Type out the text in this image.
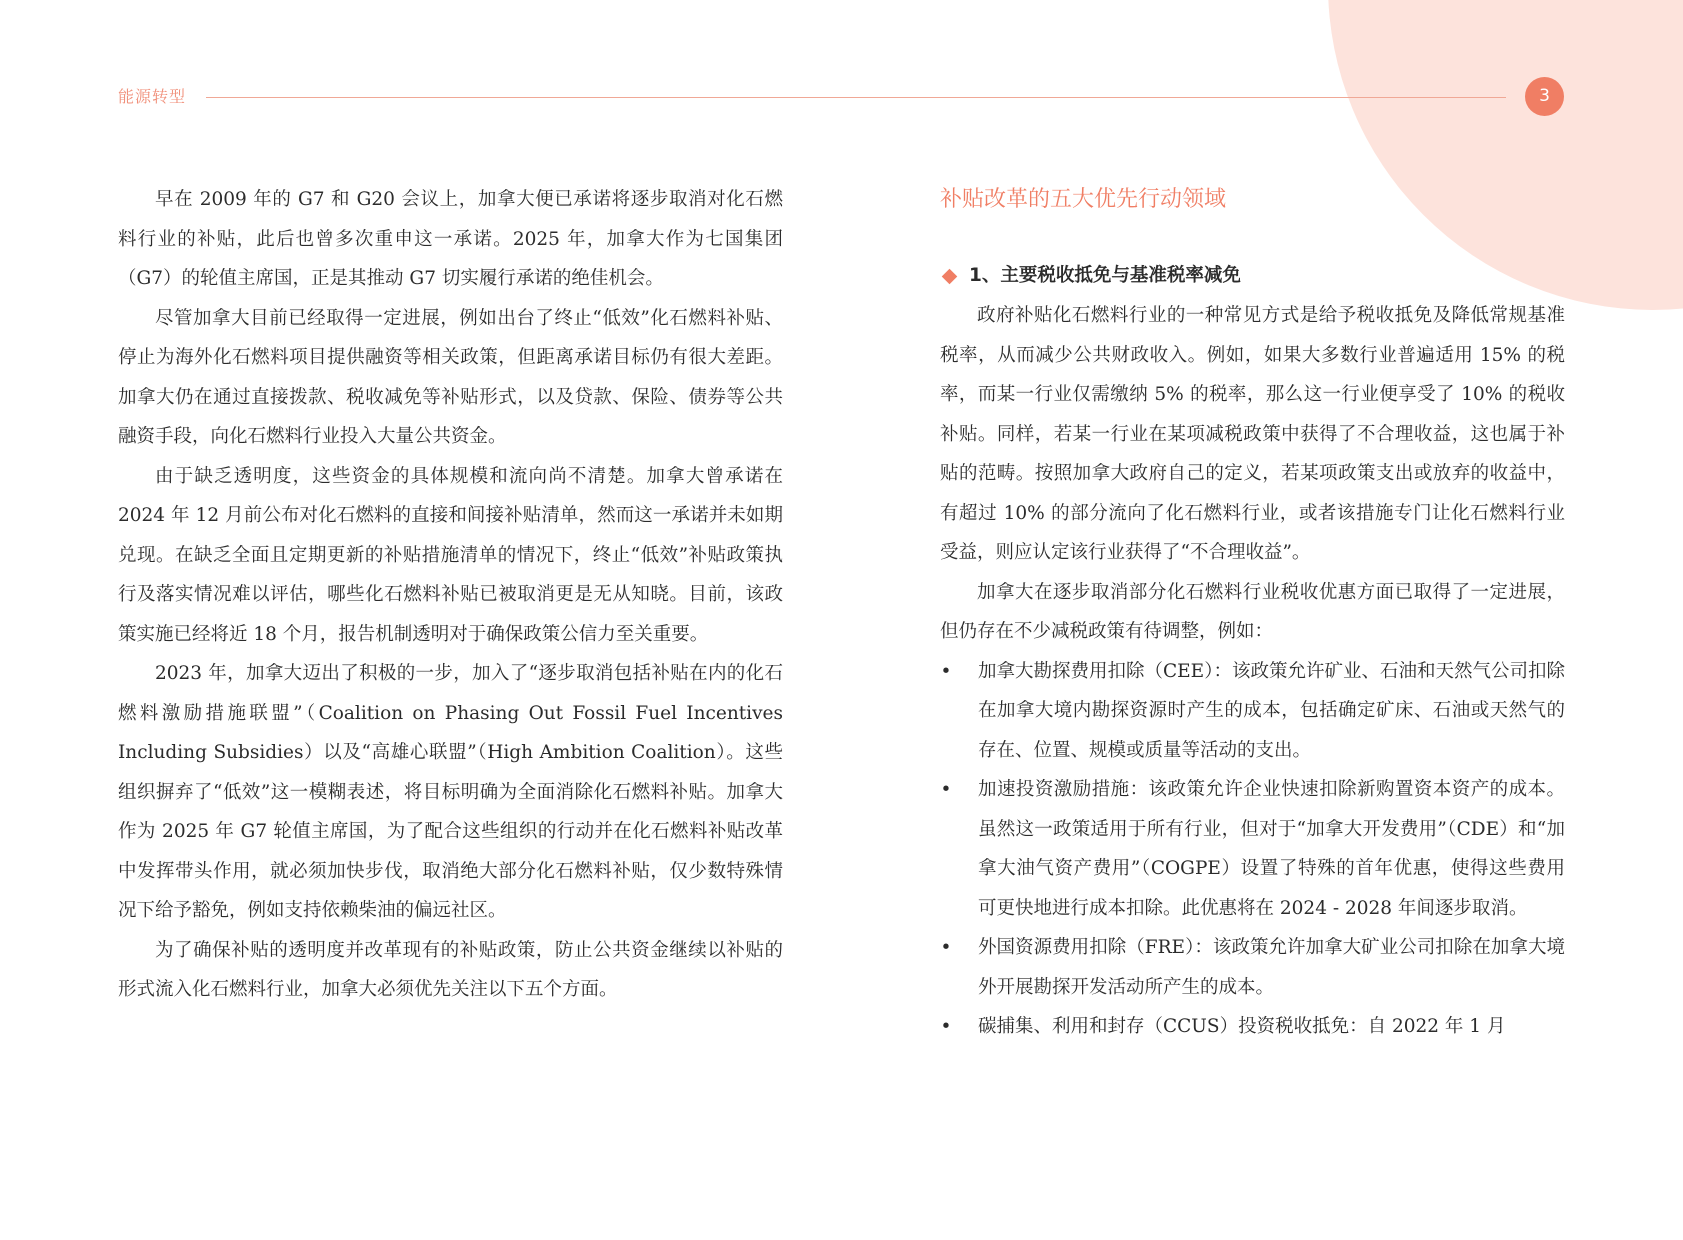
能源转型	3

早在 2009 年的 G7 和 G20 会议上，加拿大便已承诺将逐步取消对化石燃料行业的补贴，此后也曾多次重申这一承诺。2025 年，加拿大作为七国集团（G7）的轮值主席国，正是其推动 G7 切实履行承诺的绝佳机会。

尽管加拿大目前已经取得一定进展，例如出台了终止“低效”化石燃料补贴、停止为海外化石燃料项目提供融资等相关政策，但距离承诺目标仍有很大差距。加拿大仍在通过直接拨款、税收减免等补贴形式，以及贷款、保险、债券等公共融资手段，向化石燃料行业投入大量公共资金。

由于缺乏透明度，这些资金的具体规模和流向尚不清楚。加拿大曾承诺在 2024 年 12 月前公布对化石燃料的直接和间接补贴清单，然而这一承诺并未如期兑现。在缺乏全面且定期更新的补贴措施清单的情况下，终止“低效”补贴政策执行及落实情况难以评估，哪些化石燃料补贴已被取消更是无从知晓。目前，该政策实施已经将近 18 个月，报告机制透明对于确保政策公信力至关重要。

2023 年，加拿大迈出了积极的一步，加入了“逐步取消包括补贴在内的化石燃料激励措施联盟”（Coalition on Phasing Out Fossil Fuel Incentives Including Subsidies）以及“高雄心联盟”（High Ambition Coalition）。这些组织摒弃了“低效”这一模糊表述，将目标明确为全面消除化石燃料补贴。加拿大作为 2025 年 G7 轮值主席国，为了配合这些组织的行动并在化石燃料补贴改革中发挥带头作用，就必须加快步伐，取消绝大部分化石燃料补贴，仅少数特殊情况下给予豁免，例如支持依赖柴油的偏远社区。

为了确保补贴的透明度并改革现有的补贴政策，防止公共资金继续以补贴的形式流入化石燃料行业，加拿大必须优先关注以下五个方面。

补贴改革的五大优先行动领域
1、主要税收抵免与基准税率减免

政府补贴化石燃料行业的一种常见方式是给予税收抵免及降低常规基准税率，从而减少公共财政收入。例如，如果大多数行业普遍适用 15% 的税率，而某一行业仅需缴纳 5% 的税率，那么这一行业便享受了 10% 的税收补贴。同样，若某一行业在某项减税政策中获得了不合理收益，这也属于补贴的范畴。按照加拿大政府自己的定义，若某项政策支出或放弃的收益中，有超过 10% 的部分流向了化石燃料行业，或者该措施专门让化石燃料行业受益，则应认定该行业获得了“不合理收益”。

加拿大在逐步取消部分化石燃料行业税收优惠方面已取得了一定进展，但仍存在不少减税政策有待调整，例如：

• 加拿大勘探费用扣除（CEE）：该政策允许矿业、石油和天然气公司扣除在加拿大境内勘探资源时产生的成本，包括确定矿床、石油或天然气的存在、位置、规模或质量等活动的支出。
• 加速投资激励措施：该政策允许企业快速扣除新购置资本资产的成本。虽然这一政策适用于所有行业，但对于“加拿大开发费用”（CDE）和“加拿大油气资产费用”（COGPE）设置了特殊的首年优惠，使得这些费用可更快地进行成本扣除。此优惠将在 2024 - 2028 年间逐步取消。
• 外国资源费用扣除（FRE）：该政策允许加拿大矿业公司扣除在加拿大境外开展勘探开发活动所产生的成本。
• 碳捕集、利用和封存（CCUS）投资税收抵免：自 2022 年 1 月
